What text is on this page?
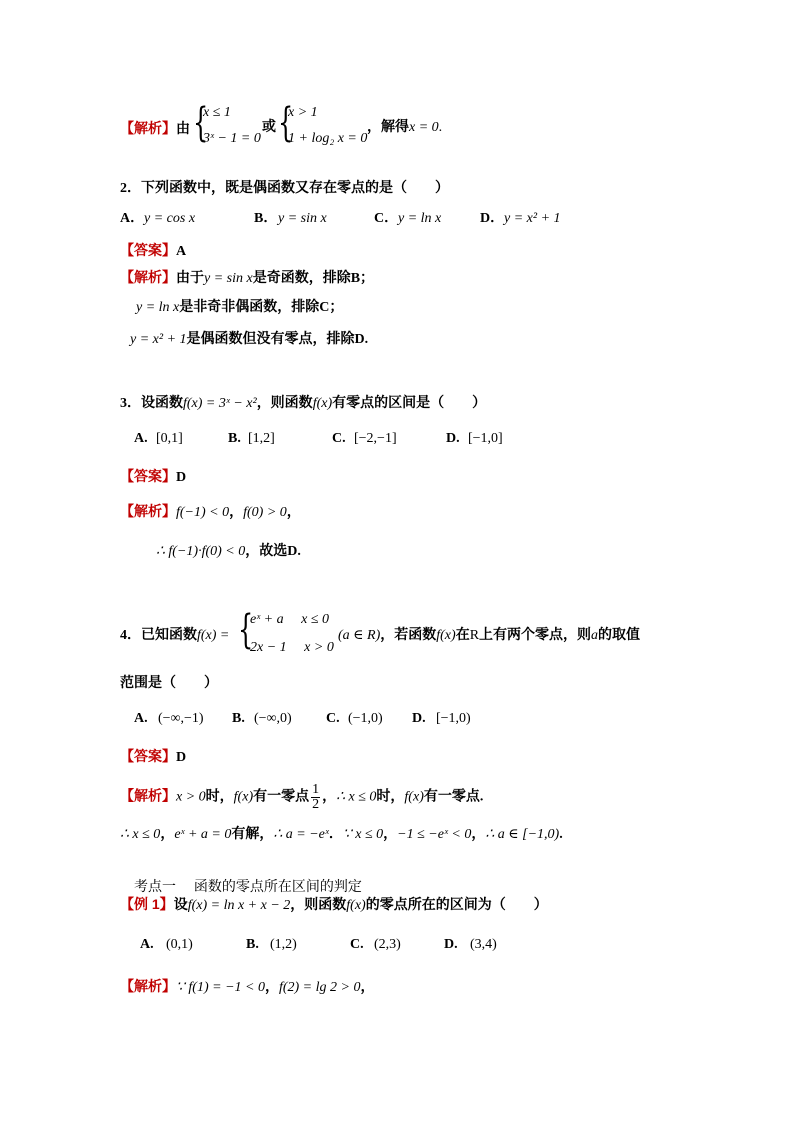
【解析】由 {
x ≤ 1
3ˣ − 1 = 0
或 {
x > 1
1 + log₂ x = 0
，解得x = 0.
2．下列函数中，既是偶函数又存在零点的是（　　）
A．y = cos x	B．y = sin x	C．y = ln x	D．y = x² + 1
【答案】A
【解析】由于y = sin x是奇函数，排除B；
y = ln x是非奇非偶函数，排除C；
y = x² + 1是偶函数但没有零点，排除D.
3．设函数f(x) = 3ˣ − x²，则函数f(x)有零点的区间是（　　）
A. [0,1]	B. [1,2]	C. [−2,−1]	D. [−1,0]
【答案】D
【解析】f(−1) < 0，f(0) > 0，
∴ f(−1)·f(0) < 0，故选D.
4．已知函数f(x) = {
eˣ + a　 x ≤ 0
2x − 1　 x > 0
(a ∈ R)，若函数f(x)在R上有两个零点，则a的取值
范围是（　　）
A. (−∞,−1) B. (−∞,0) C. (−1,0) D. [−1,0)
【答案】D
【解析】x > 0时，f(x)有一零点 $\frac{1}{2}$ ，∴ x ≤ 0时，f(x)有一零点.
∴ x ≤ 0，eˣ + a = 0有解，∴ a = −eˣ．∵ x ≤ 0，−1 ≤ −eˣ < 0，∴ a ∈ [−1,0).
考点一　 函数的零点所在区间的判定
【例 1】设f(x) = ln x + x − 2，则函数f(x)的零点所在的区间为（　　）
A. (0,1)	B. (1,2)	C. (2,3)	D. (3,4)
【解析】∵ f(1) = −1 < 0，f(2) = lg 2 > 0，
